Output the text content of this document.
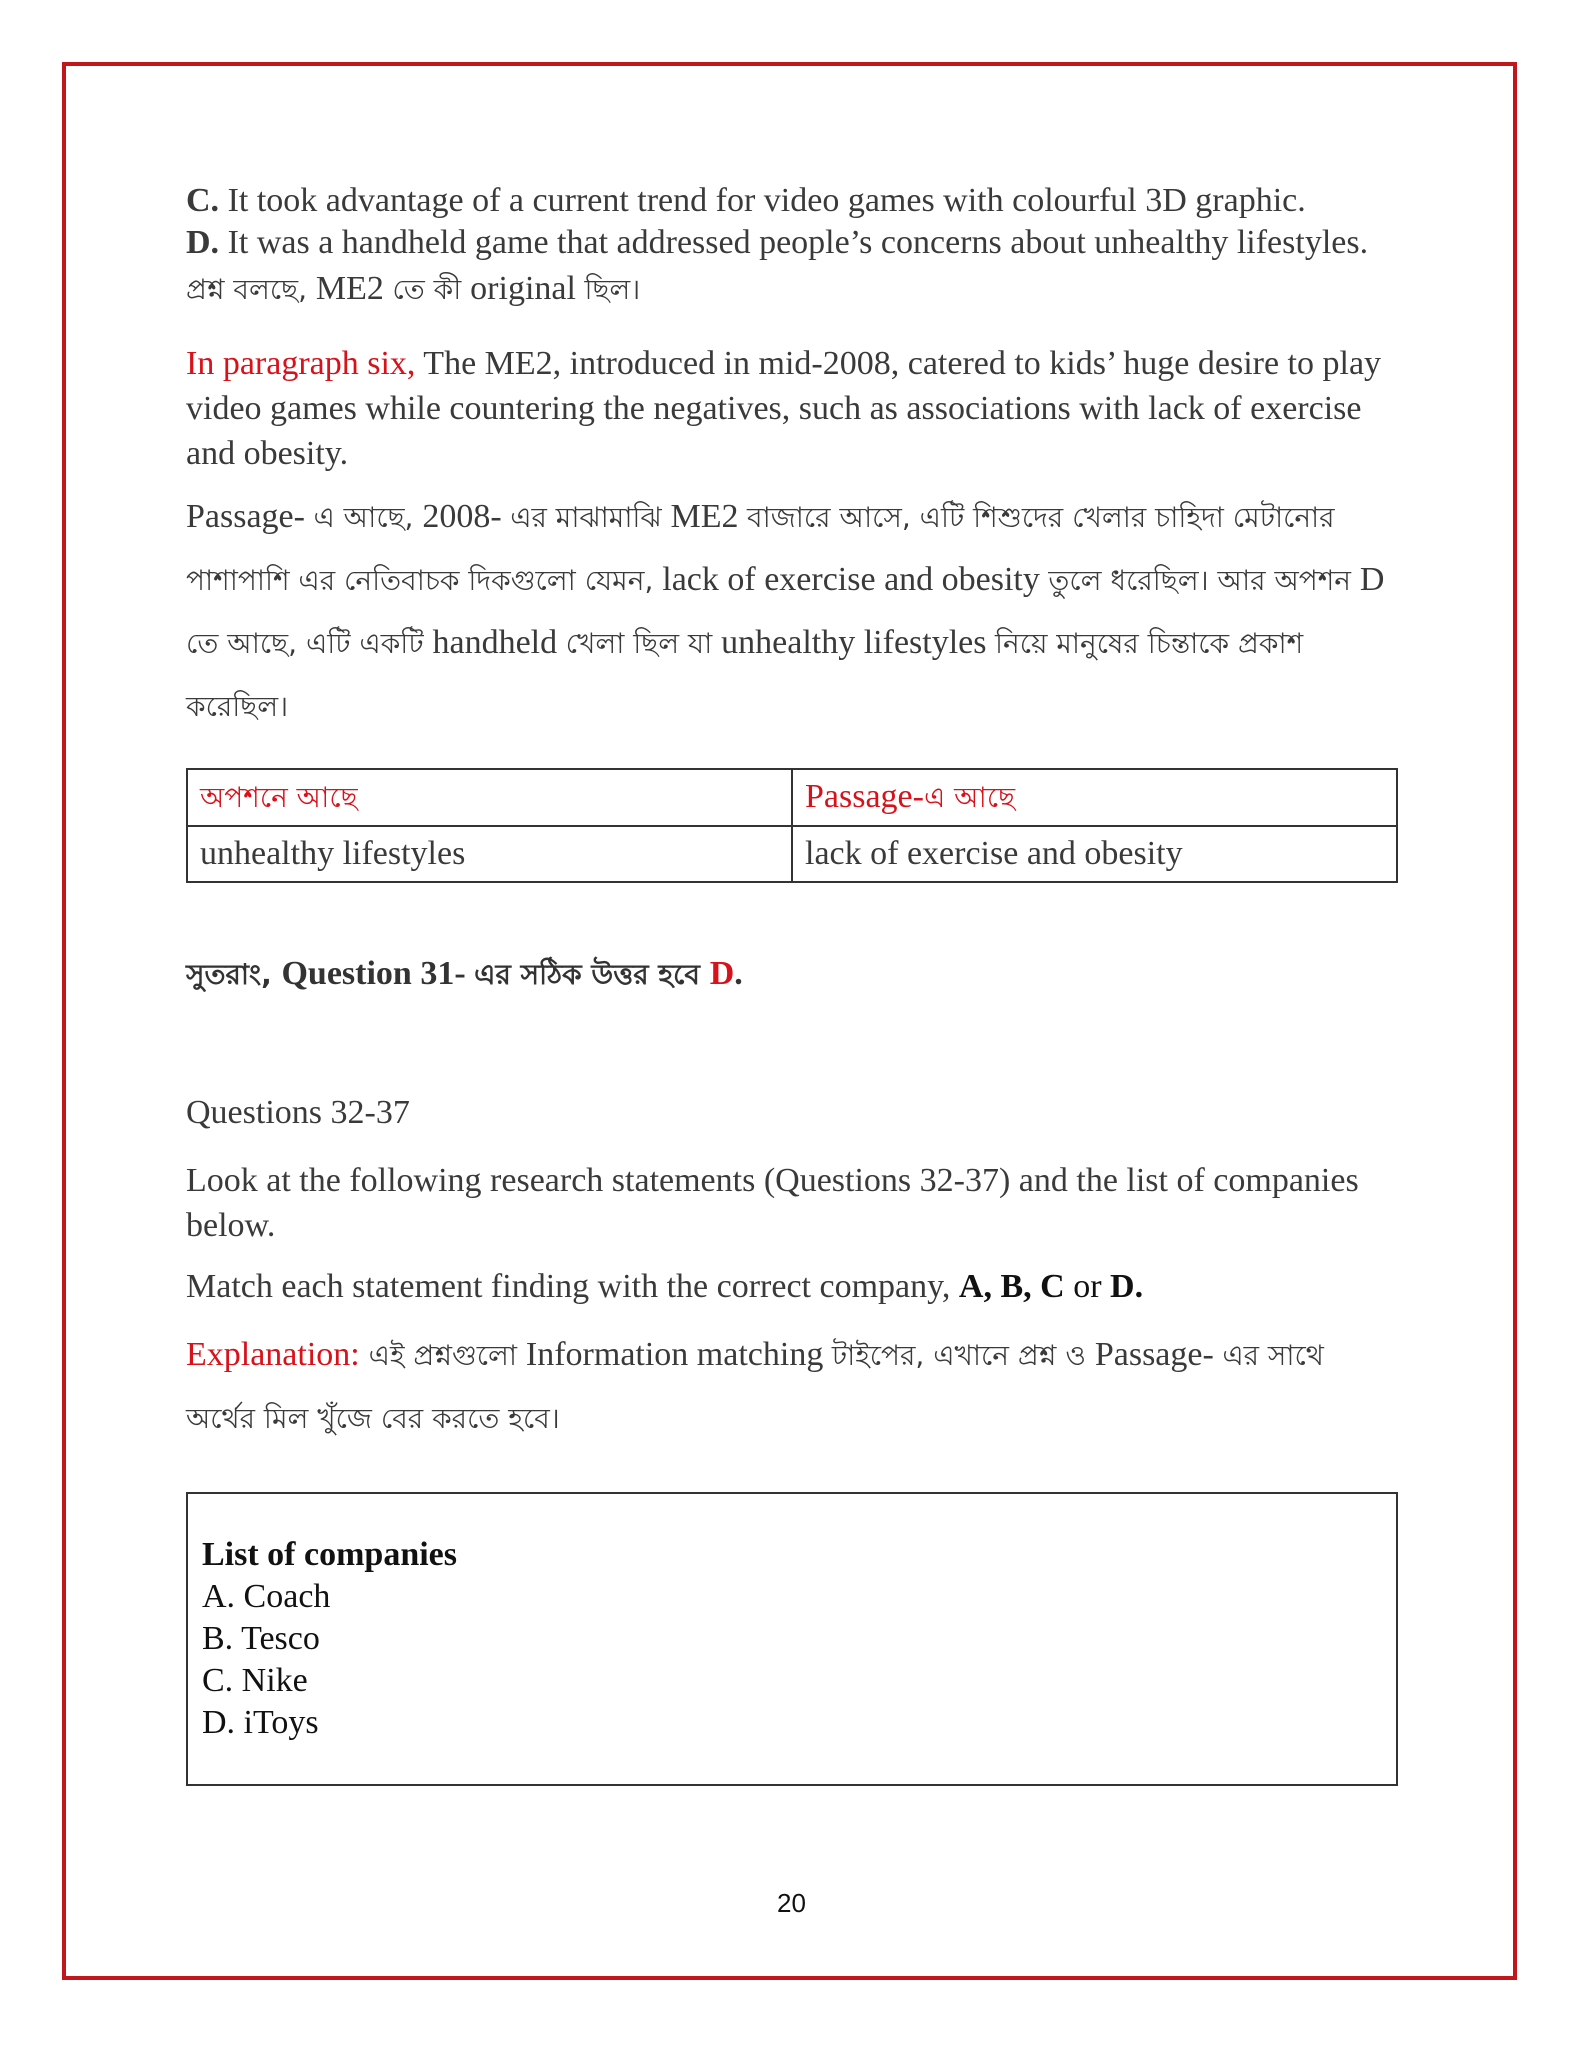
C. It took advantage of a current trend for video games with colourful 3D graphic.

D. It was a handheld game that addressed people’s concerns about unhealthy lifestyles.

প্রশ্ন বলছে, ME2 তে কী original ছিল।

In paragraph six, The ME2, introduced in mid-2008, catered to kids’ huge desire to play video games while countering the negatives, such as associations with lack of exercise and obesity.

Passage- এ আছে, 2008- এর মাঝামাঝি ME2 বাজারে আসে, এটি শিশুদের খেলার চাহিদা মেটানোর পাশাপাশি এর নেতিবাচক দিকগুলো যেমন, lack of exercise and obesity তুলে ধরেছিল। আর অপশন D তে আছে, এটি একটি handheld খেলা ছিল যা unhealthy lifestyles নিয়ে মানুষের চিন্তাকে প্রকাশ করেছিল।

অপশনে আছে	Passage-এ আছে
unhealthy lifestyles	lack of exercise and obesity

সুতরাং, Question 31- এর সঠিক উত্তর হবে D.

Questions 32-37

Look at the following research statements (Questions 32-37) and the list of companies below.

Match each statement finding with the correct company, A, B, C or D.

Explanation: এই প্রশ্নগুলো Information matching টাইপের, এখানে প্রশ্ন ও Passage- এর সাথে অর্থের মিল খুঁজে বের করতে হবে।

List of companies
A. Coach
B. Tesco
C. Nike
D. iToys
20
